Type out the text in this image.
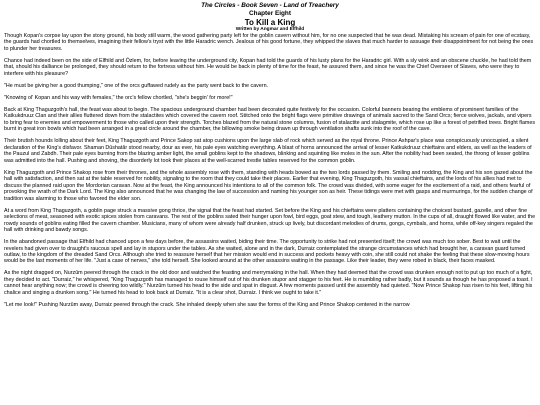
The Circles - Book Seven - Land of Treachery
Chapter Eight
To Kill a King
Written by Angmar and Elfhild

Though Kopan's corpse lay upon the stony ground, his body still warm, the wood gathering party left for the goblin cavern without him, for no one suspected that he was dead. Mistaking his scream of pain for one of ecstasy, the guards had chortled to themselves, imagining their fellow's tryst with the little Haradric wench. Jealous of his good fortune, they whipped the slaves that much harder to assuage their disappointment for not being the ones to plunder her treasures.

Chance had indeed been on the side of Elfhild and Ózlem, for, before leaving the underground city, Kopan had told the guards of his lusty plans for the Haradric girl. With a sly wink and an obscene chuckle, he had told them that, should his dalliance be prolonged, they should return to the fortress without him. He would be back in plenty of time for the feast, he assured them, and since he was the Chief Overseer of Slaves, who were they to interfere with his pleasure?

"He must be giving her a good thumping," one of the orcs guffawed rudely as the party went back to the cavern.

"Knowing ol' Kopan and his way with females," the orc's fellow chortled, "she's beggin' for more!"

Back at King Thaguzgoth's hall, the feast was about to begin. The spacious underground chamber had been decorated quite festively for the occasion. Colorful banners bearing the emblems of prominent families of the Katkukdruuz Clan and their allies fluttered down from the stalactites which covered the cavern roof. Stitched onto the bright flags were primitive drawings of animals sacred to the Sand Orcs; fierce wolves, jackals, and vipers to bring fear to enemies and empowerment to those who called upon their strength. Torches blazed from the natural stone columns, fusion of stalactite and stalagmite, which rose up like a forest of petrified trees. Bright flames burnt in great iron bowls which had been arranged in a great circle around the chamber, the billowing smoke being drawn up through ventilation shafts sunk into the roof of the cave.

Their brutish hounds lolling about their feet, King Thaguzgoth and Prince Sakop sat atop cushions upon the large slab of rock which served as the royal throne. Prince Ashpar's place was conspicuously unoccupied, a silent declaration of the King's disfavor. Shaman Dûshatâr stood nearby, dour as ever, his pale eyes watching everything. A blast of horns announced the arrival of lesser Katkukdruuz chieftains and elders, as well as the leaders of the Pauzul and Zabdh. Their pale eyes burning from the blazing amber light, the small goblins kept to the shadows, blinking and squinting like moles in the sun. After the nobility had been seated, the throng of lesser goblins was admitted into the hall. Pushing and shoving, the disorderly lot took their places at the well-scarred trestle tables reserved for the common goblin.

King Thaguzgoth and Prince Shakop rose from their thrones, and the whole assembly rose with them, standing with heads bowed as the two lords passed by them. Smiling and nodding, the King and his son gazed about the hall with satisfaction, and then sat at the table reserved for nobility, signaling to the room that they could take their places. Earlier that evening, King Thaguzgoth, his vassal chieftains, and the lords of his allies had met to discuss the planned raid upon the Mordorian caravan. Now at the feast, the King announced his intentions to all of the common folk. The crowd was divided, with some eager for the excitement of a raid, and others fearful of provoking the wrath of the Dark Lord. The King also announced that he was changing the law of succession and naming his younger son as heir. These tidings were met with gasps and murmurings, for the sudden change of tradition was alarming to those who favored the elder son.

At a word from King Thaguzgoth, a goblin page struck a massive gong thrice, the signal that the feast had started. Set before the King and his chieftains were platters containing the choicest bustard, gazelle, and other fine selections of meat, seasoned with exotic spices stolen from caravans. The rest of the goblins sated their hunger upon fowl, bird eggs, goat stew, and tough, leathery mutton. In the cups of all, draught flowed like water, and the rowdy sounds of goblins eating filled the cavern chamber. Musicians, many of whom were already half drunken, struck up lively, but discordant melodies of drums, gongs, cymbals, and horns, while off-key singers regaled the hall with drinking and bawdy songs.

In the abandoned passage that Elfhild had chanced upon a few days before, the assassins waited, biding their time. The opportunity to strike had not presented itself; the crowd was much too sober. Best to wait until the revelers had given over to draught's raucous spell and lay in stupors under the tables. As she waited, alone and in the dark, Durraiz contemplated the strange circumstances which had brought her, a caravan guard turned outlaw, to the kingdom of the dreaded Sand Orcs. Although she tried to reassure herself that her mission would end in success and pockets heavy with coin, she still could not shake the feeling that these slow-moving hours would be the last moments of her life. "Just a case of nerves," she told herself. She looked around at the other assassins waiting in the passage. Like their leader, they were robed in black, their faces masked.

As the night dragged on, Nurzûm peered through the crack in the old door and watched the feasting and merrymaking in the hall. When they had deemed that the crowd was drunken enough not to put up too much of a fight, they decided to act. "Durraiz," he whispered, "King Thaguzgoth has managed to rouse himself out of his drunken stupor and stagger to his feet. He is mumbling rather badly, but it sounds as though he has proposed a toast. I cannot hear anything now; the crowd is cheering too wildly." Nurzûm turned his head to the side and spat in disgust. A few moments passed until the assembly had quieted. "Now Prince Shakop has risen to his feet, lifting his chalice and singing a drunken song." He turned his head to look back at Durraiz. "It is a clear shot, Durraiz. I think we ought to take it."

"Let me look!" Pushing Nurzûm away, Durraiz peered through the crack. She inhaled deeply when she saw the forms of the King and Prince Shakop centered in the narrow
